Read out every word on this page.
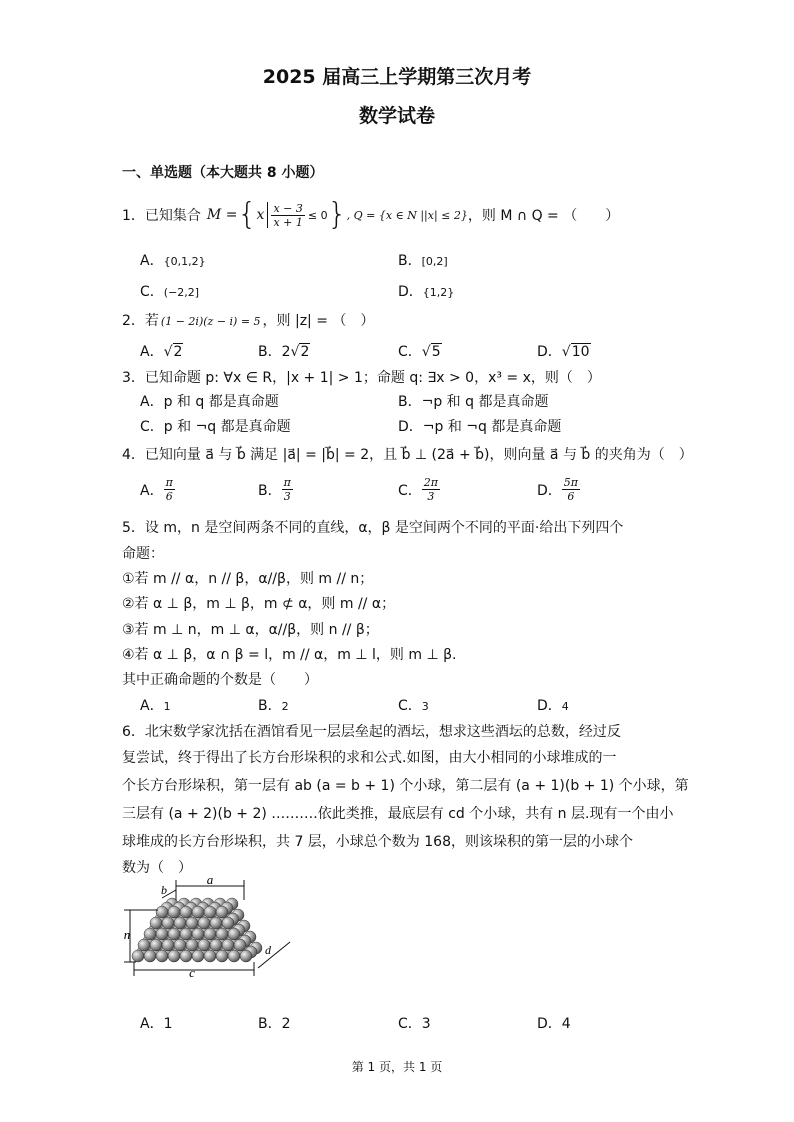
2025 届高三上学期第三次月考
数学试卷
一、单选题（本大题共 8 小题）
1．已知集合 M = { x $\frac{x - 3}{x + 1} \le 0$ } , Q = {x ∈ N ||x| ≤ 2} ，则 M ∩ Q = （　　）
A．{0,1,2}	B．[0,2]
C．(−2,2]	D．{1,2}
2．若 (1 − 2i)(z − i) = 5 ，则 |z| = （　）
A．√2	B．2√2	C．√5	D．√10
3．已知命题 p: ∀x ∈ R，|x + 1| > 1；命题 q: ∃x > 0，x³ = x，则（　）
A．p 和 q 都是真命题	B．¬p 和 q 都是真命题
C．p 和 ¬q 都是真命题	D．¬p 和 ¬q 都是真命题
4．已知向量 a⃗ 与 b⃗ 满足 |a⃗| = |b⃗| = 2，且 b⃗ ⊥ (2a⃗ + b⃗)，则向量 a⃗ 与 b⃗ 的夹角为（　）
A． $\frac{\pi}{6}$	B． $\frac{\pi}{3}$	C． $\frac{2\pi}{3}$	D． $\frac{5\pi}{6}$
5．设 m，n 是空间两条不同的直线，α，β 是空间两个不同的平面·给出下列四个
命题：
①若 m // α，n // β，α//β，则 m // n；
②若 α ⊥ β，m ⊥ β，m ⊄ α，则 m // α；
③若 m ⊥ n，m ⊥ α，α//β，则 n // β；
④若 α ⊥ β，α ∩ β = l，m // α，m ⊥ l，则 m ⊥ β.
其中正确命题的个数是（　　）
A．1	B．2	C．3	D．4
6．北宋数学家沈括在酒馆看见一层层垒起的酒坛，想求这些酒坛的总数，经过反
复尝试，终于得出了长方台形垛积的求和公式.如图，由大小相同的小球堆成的一
个长方台形垛积，第一层有 ab (a = b + 1) 个小球，第二层有 (a + 1)(b + 1) 个小球，第
三层有 (a + 2)(b + 2) ……….依此类推，最底层有 cd 个小球，共有 n 层.现有一个由小
球堆成的长方台形垛积，共 7 层，小球总个数为 168，则该垛积的第一层的小球个
数为（　）
a
b
n
c
d
A．1	B．2	C．3	D．4
第 1 页，共 1 页
